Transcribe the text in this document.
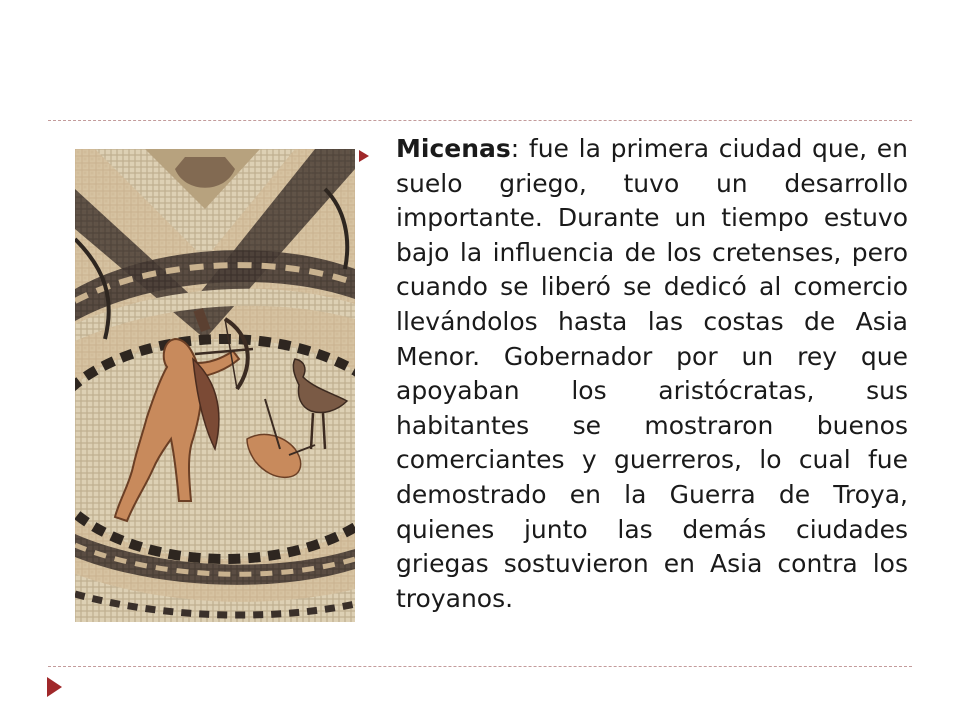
Micenas: fue la primera ciudad que, en suelo griego, tuvo un desarrollo importante. Durante un tiempo estuvo bajo la influencia de los cretenses, pero cuando se liberó se dedicó al comercio llevándolos hasta las costas de Asia Menor. Gobernador por un rey que apoyaban los aristócratas, sus habitantes se mostraron buenos comerciantes y guerreros, lo cual fue demostrado en la Guerra de Troya, quienes junto las demás ciudades griegas sostuvieron en Asia contra los troyanos.
